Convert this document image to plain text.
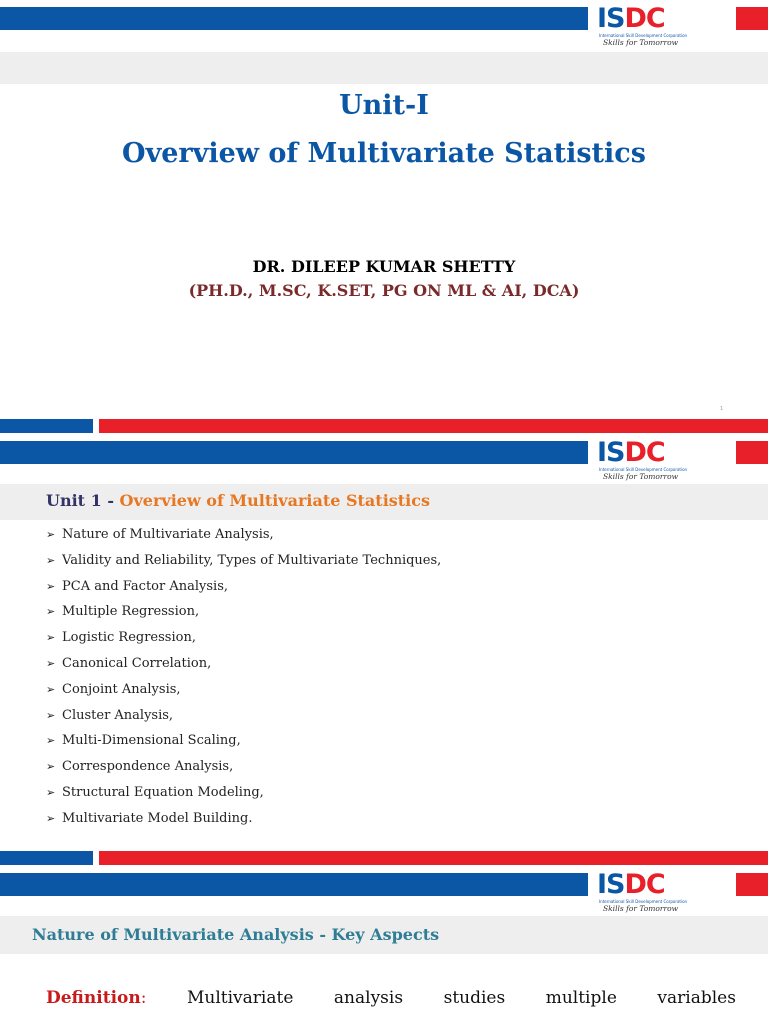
ISDC
International Skill Development Corporation
Skills for Tomorrow
Unit-I
Overview of Multivariate Statistics
DR. DILEEP KUMAR SHETTY
(PH.D., M.SC, K.SET, PG ON ML & AI, DCA)
1
ISDC
International Skill Development Corporation
Skills for Tomorrow
Unit 1 - Overview of Multivariate Statistics
➢ Nature of Multivariate Analysis,
➢ Validity and Reliability, Types of Multivariate Techniques,
➢ PCA and Factor Analysis,
➢ Multiple Regression,
➢ Logistic Regression,
➢ Canonical Correlation,
➢ Conjoint Analysis,
➢ Cluster Analysis,
➢ Multi-Dimensional Scaling,
➢ Correspondence Analysis,
➢ Structural Equation Modeling,
➢ Multivariate Model Building.
ISDC
International Skill Development Corporation
Skills for Tomorrow
Nature of Multivariate Analysis - Key Aspects
Definition: Multivariate analysis studies multiple variables
